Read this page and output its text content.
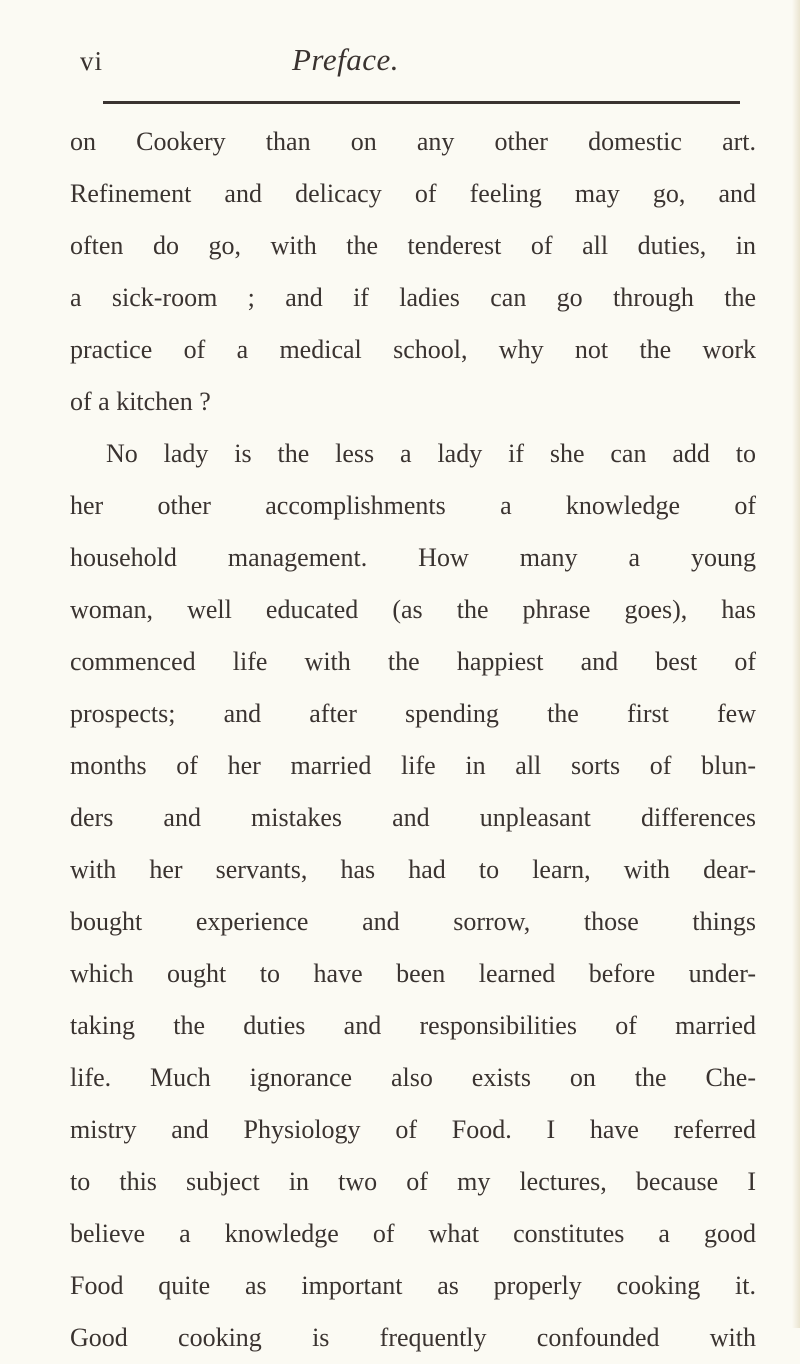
vi	Preface.
on Cookery than on any other domestic art.
Refinement and delicacy of feeling may go, and
often do go, with the tenderest of all duties, in
a sick-room ; and if ladies can go through the
practice of a medical school, why not the work
of a kitchen ?
No lady is the less a lady if she can add to
her other accomplishments a knowledge of
household management. How many a young
woman, well educated (as the phrase goes), has
commenced life with the happiest and best of
prospects; and after spending the first few
months of her married life in all sorts of blun-
ders and mistakes and unpleasant differences
with her servants, has had to learn, with dear-
bought experience and sorrow, those things
which ought to have been learned before under-
taking the duties and responsibilities of married
life. Much ignorance also exists on the Che-
mistry and Physiology of Food. I have referred
to this subject in two of my lectures, because I
believe a knowledge of what constitutes a good
Food quite as important as properly cooking it.
Good cooking is frequently confounded with
